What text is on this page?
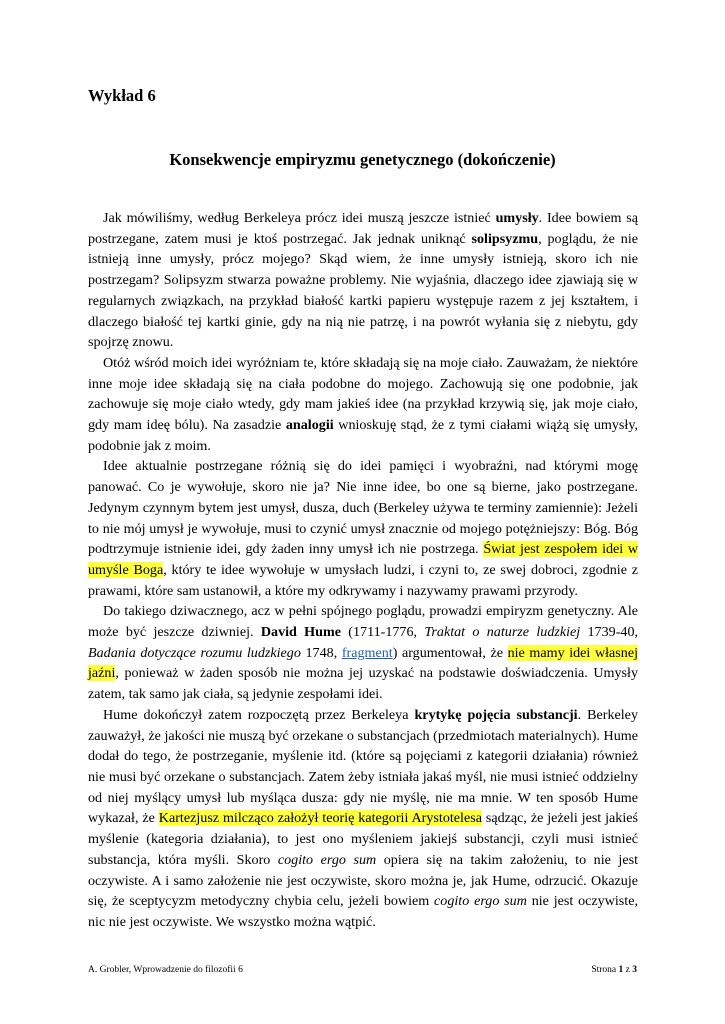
Wykład 6
Konsekwencje empiryzmu genetycznego (dokończenie)

Jak mówiliśmy, według Berkeleya prócz idei muszą jeszcze istnieć umysły. Idee bowiem są postrzegane, zatem musi je ktoś postrzegać. Jak jednak uniknąć solipsyzmu, poglądu, że nie istnieją inne umysły, prócz mojego? Skąd wiem, że inne umysły istnieją, skoro ich nie postrzegam? Solipsyzm stwarza poważne problemy. Nie wyjaśnia, dlaczego idee zjawiają się w regularnych związkach, na przykład białość kartki papieru występuje razem z jej kształtem, i dlaczego białość tej kartki ginie, gdy na nią nie patrzę, i na powrót wyłania się z niebytu, gdy spojrzę znowu.

Otóż wśród moich idei wyróżniam te, które składają się na moje ciało. Zauważam, że niektóre inne moje idee składają się na ciała podobne do mojego. Zachowują się one podobnie, jak zachowuje się moje ciało wtedy, gdy mam jakieś idee (na przykład krzywią się, jak moje ciało, gdy mam ideę bólu). Na zasadzie analogii wnioskuję stąd, że z tymi ciałami wiążą się umysły, podobnie jak z moim.

Idee aktualnie postrzegane różnią się do idei pamięci i wyobraźni, nad którymi mogę panować. Co je wywołuje, skoro nie ja? Nie inne idee, bo one są bierne, jako postrzegane. Jedynym czynnym bytem jest umysł, dusza, duch (Berkeley używa te terminy zamiennie): Jeżeli to nie mój umysł je wywołuje, musi to czynić umysł znacznie od mojego potężniejszy: Bóg. Bóg podtrzymuje istnienie idei, gdy żaden inny umysł ich nie postrzega. Świat jest zespołem idei w umyśle Boga, który te idee wywołuje w umysłach ludzi, i czyni to, ze swej dobroci, zgodnie z prawami, które sam ustanowił, a które my odkrywamy i nazywamy prawami przyrody.

Do takiego dziwacznego, acz w pełni spójnego poglądu, prowadzi empiryzm genetyczny. Ale może być jeszcze dziwniej. David Hume (1711-1776, Traktat o naturze ludzkiej 1739-40, Badania dotyczące rozumu ludzkiego 1748, fragment) argumentował, że nie mamy idei własnej jaźni, ponieważ w żaden sposób nie można jej uzyskać na podstawie doświadczenia. Umysły zatem, tak samo jak ciała, są jedynie zespołami idei.

Hume dokończył zatem rozpoczętą przez Berkeleya krytykę pojęcia substancji. Berkeley zauważył, że jakości nie muszą być orzekane o substancjach (przedmiotach materialnych). Hume dodał do tego, że postrzeganie, myślenie itd. (które są pojęciami z kategorii działania) również nie musi być orzekane o substancjach. Zatem żeby istniała jakaś myśl, nie musi istnieć oddzielny od niej myślący umysł lub myśląca dusza: gdy nie myślę, nie ma mnie. W ten sposób Hume wykazał, że Kartezjusz milcząco założył teorię kategorii Arystotelesa sądząc, że jeżeli jest jakieś myślenie (kategoria działania), to jest ono myśleniem jakiejś substancji, czyli musi istnieć substancja, która myśli. Skoro cogito ergo sum opiera się na takim założeniu, to nie jest oczywiste. A i samo założenie nie jest oczywiste, skoro można je, jak Hume, odrzucić. Okazuje się, że sceptycyzm metodyczny chybia celu, jeżeli bowiem cogito ergo sum nie jest oczywiste, nic nie jest oczywiste. We wszystko można wątpić.

A. Grobler, Wprowadzenie do filozofii 6	Strona 1 z 3
